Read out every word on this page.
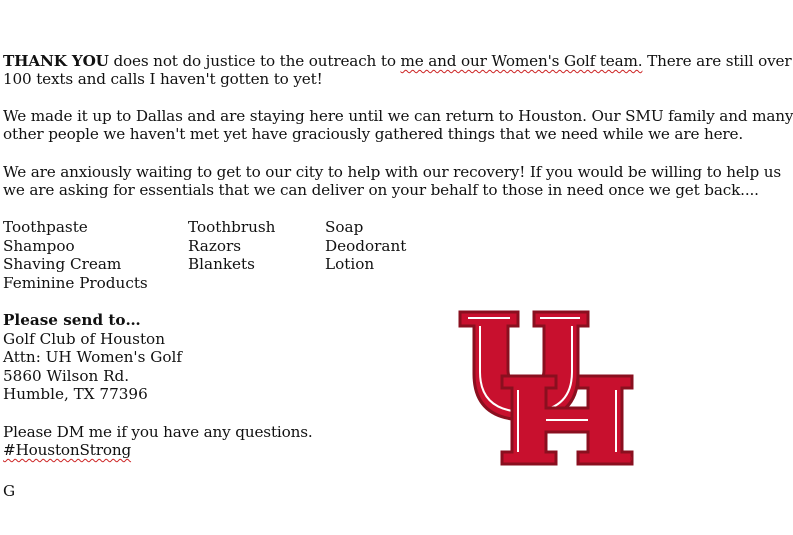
THANK YOU does not do justice to the outreach to me and our Women's Golf team. There are still over
100 texts and calls I haven't gotten to yet!
We made it up to Dallas and are staying here until we can return to Houston. Our SMU family and many
other people we haven't met yet have graciously gathered things that we need while we are here.
We are anxiously waiting to get to our city to help with our recovery! If you would be willing to help us
we are asking for essentials that we can deliver on your behalf to those in need once we get back....
Toothpaste
Shampoo
Shaving Cream
Feminine Products
Toothbrush
Razors
Blankets
Soap
Deodorant
Lotion
Please send to…
Golf Club of Houston
Attn: UH Women's Golf
5860 Wilson Rd.
Humble, TX 77396
Please DM me if you have any questions.
#HoustonStrong
G
®
